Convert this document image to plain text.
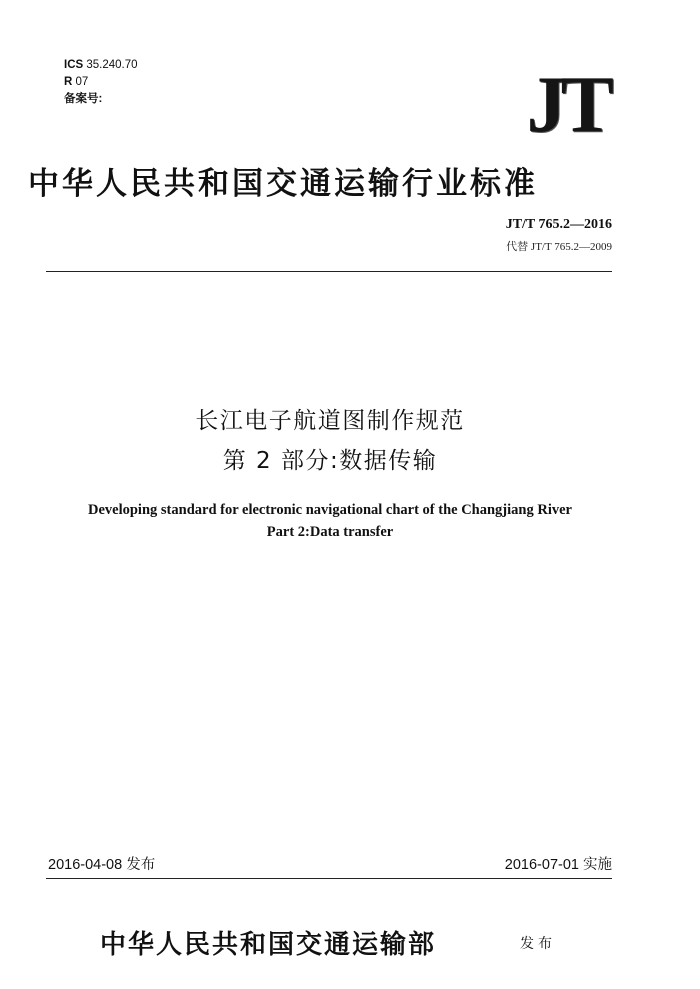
ICS 35.240.70
R 07
备案号:	JT
中华人民共和国交通运输行业标准
JT/T 765.2—2016
代替 JT/T 765.2—2009
长江电子航道图制作规范
第 2 部分:数据传输
Developing standard for electronic navigational chart of the Changjiang River
Part 2:Data transfer
2016-04-08 发布	2016-07-01 实施
中华人民共和国交通运输部	发布
